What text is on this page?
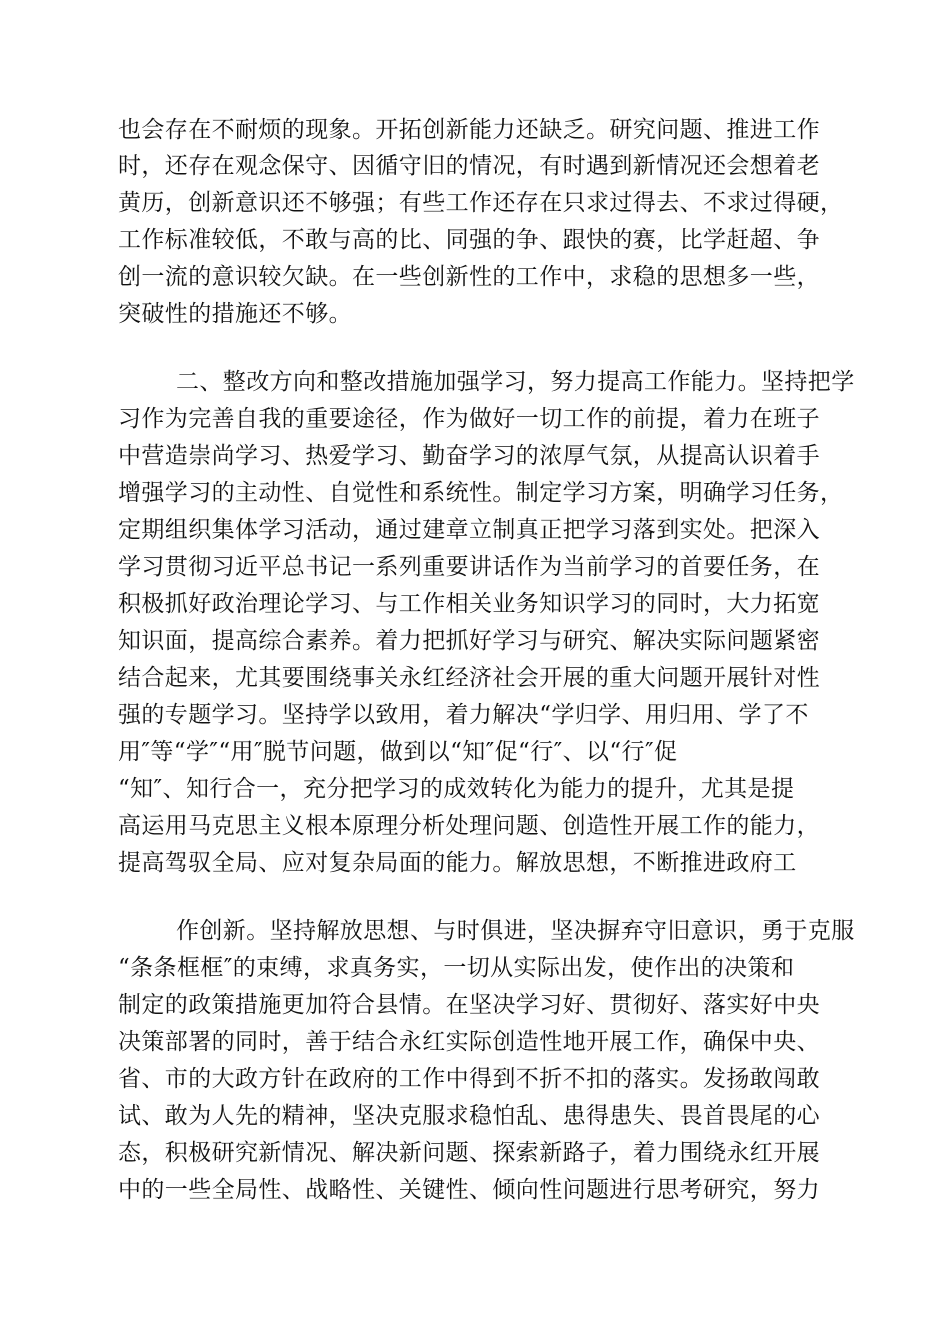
也会存在不耐烦的现象。开拓创新能力还缺乏。研究问题、推进工作
时，还存在观念保守、因循守旧的情况，有时遇到新情况还会想着老
黄历，创新意识还不够强；有些工作还存在只求过得去、不求过得硬，
工作标准较低，不敢与高的比、同强的争、跟快的赛，比学赶超、争
创一流的意识较欠缺。在一些创新性的工作中，求稳的思想多一些，
突破性的措施还不够。
二、整改方向和整改措施加强学习，努力提高工作能力。坚持把学
习作为完善自我的重要途径，作为做好一切工作的前提，着力在班子
中营造崇尚学习、热爱学习、勤奋学习的浓厚气氛，从提高认识着手
增强学习的主动性、自觉性和系统性。制定学习方案，明确学习任务，
定期组织集体学习活动，通过建章立制真正把学习落到实处。把深入
学习贯彻习近平总书记一系列重要讲话作为当前学习的首要任务，在
积极抓好政治理论学习、与工作相关业务知识学习的同时，大力拓宽
知识面，提高综合素养。着力把抓好学习与研究、解决实际问题紧密
结合起来，尤其要围绕事关永红经济社会开展的重大问题开展针对性
强的专题学习。坚持学以致用，着力解决“学归学、用归用、学了不
用″等“学″“用″脱节问题，做到以“知″促“行″、以“行″促
“知″、知行合一，充分把学习的成效转化为能力的提升，尤其是提
高运用马克思主义根本原理分析处理问题、创造性开展工作的能力，
提高驾驭全局、应对复杂局面的能力。解放思想，不断推进政府工
作创新。坚持解放思想、与时俱进，坚决摒弃守旧意识，勇于克服
“条条框框″的束缚，求真务实，一切从实际出发，使作出的决策和
制定的政策措施更加符合县情。在坚决学习好、贯彻好、落实好中央
决策部署的同时，善于结合永红实际创造性地开展工作，确保中央、
省、市的大政方针在政府的工作中得到不折不扣的落实。发扬敢闯敢
试、敢为人先的精神，坚决克服求稳怕乱、患得患失、畏首畏尾的心
态，积极研究新情况、解决新问题、探索新路子，着力围绕永红开展
中的一些全局性、战略性、关键性、倾向性问题进行思考研究，努力
